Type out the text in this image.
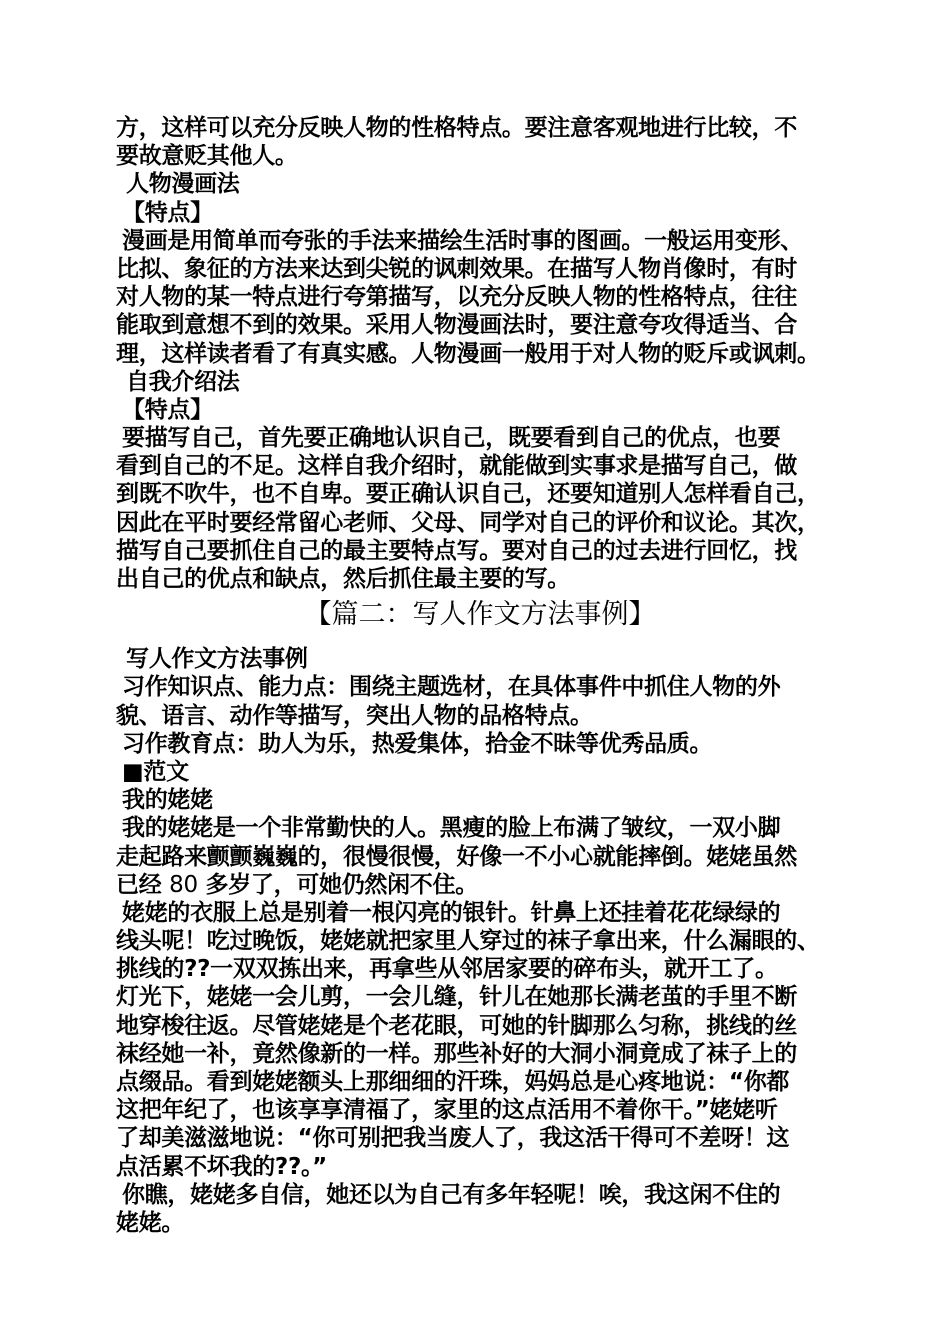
方，这样可以充分反映人物的性格特点。要注意客观地进行比较，不
要故意贬其他人。
人物漫画法
【特点】
漫画是用简单而夸张的手法来描绘生活时事的图画。一般运用变形、
比拟、象征的方法来达到尖锐的讽刺效果。在描写人物肖像时，有时
对人物的某一特点进行夸第描写，以充分反映人物的性格特点，往往
能取到意想不到的效果。采用人物漫画法时，要注意夸攻得适当、合
理，这样读者看了有真实感。人物漫画一般用于对人物的贬斥或讽刺。
自我介绍法
【特点】
要描写自己，首先要正确地认识自己，既要看到自己的优点，也要
看到自己的不足。这样自我介绍时，就能做到实事求是描写自己，做
到既不吹牛，也不自卑。要正确认识自己，还要知道别人怎样看自己，
因此在平时要经常留心老师、父母、同学对自己的评价和议论。其次，
描写自己要抓住自己的最主要特点写。要对自己的过去进行回忆，找
出自己的优点和缺点，然后抓住最主要的写。
【篇二：写人作文方法事例】
写人作文方法事例
习作知识点、能力点：围绕主题选材，在具体事件中抓住人物的外
貌、语言、动作等描写，突出人物的品格特点。
习作教育点：助人为乐，热爱集体，拾金不昧等优秀品质。
■范文
我的姥姥
我的姥姥是一个非常勤快的人。黑瘦的脸上布满了皱纹，一双小脚
走起路来颤颤巍巍的，很慢很慢，好像一不小心就能摔倒。姥姥虽然
已经 80 多岁了，可她仍然闲不住。
姥姥的衣服上总是别着一根闪亮的银针。针鼻上还挂着花花绿绿的
线头呢！吃过晚饭，姥姥就把家里人穿过的袜子拿出来，什么漏眼的、
挑线的??一双双拣出来，再拿些从邻居家要的碎布头，就开工了。
灯光下，姥姥一会儿剪，一会儿缝，针儿在她那长满老茧的手里不断
地穿梭往返。尽管姥姥是个老花眼，可她的针脚那么匀称，挑线的丝
袜经她一补，竟然像新的一样。那些补好的大洞小洞竟成了袜子上的
点缀品。看到姥姥额头上那细细的汗珠，妈妈总是心疼地说：“你都
这把年纪了，也该享享清福了，家里的这点活用不着你干。”姥姥听
了却美滋滋地说：“你可别把我当废人了，我这活干得可不差呀！这
点活累不坏我的??。”
你瞧，姥姥多自信，她还以为自己有多年轻呢！唉，我这闲不住的
姥姥。
